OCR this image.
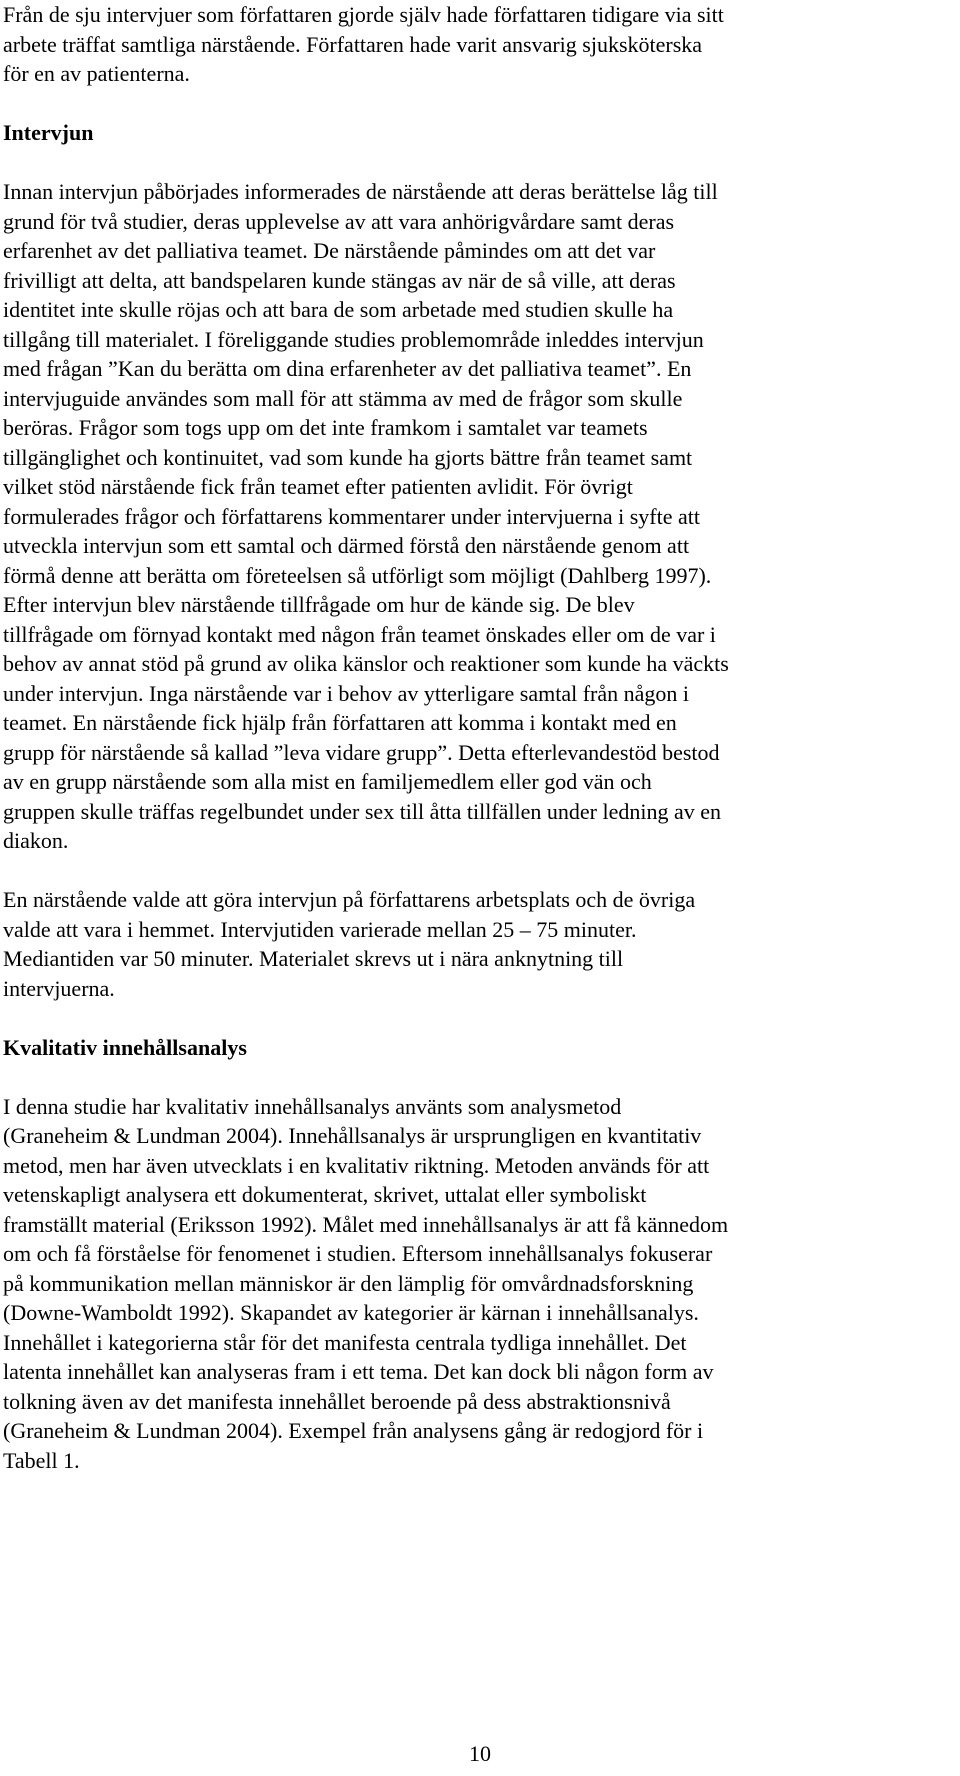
Från de sju intervjuer som författaren gjorde själv hade författaren tidigare via sitt
arbete träffat samtliga närstående. Författaren hade varit ansvarig sjuksköterska
för en av patienterna.
Intervjun
Innan intervjun påbörjades informerades de närstående att deras berättelse låg till
grund för två studier, deras upplevelse av att vara anhörigvårdare samt deras
erfarenhet av det palliativa teamet. De närstående påmindes om att det var
frivilligt att delta, att bandspelaren kunde stängas av när de så ville, att deras
identitet inte skulle röjas och att bara de som arbetade med studien skulle ha
tillgång till materialet. I föreliggande studies problemområde inleddes intervjun
med frågan ”Kan du berätta om dina erfarenheter av det palliativa teamet”. En
intervjuguide användes som mall för att stämma av med de frågor som skulle
beröras. Frågor som togs upp om det inte framkom i samtalet var teamets
tillgänglighet och kontinuitet, vad som kunde ha gjorts bättre från teamet samt
vilket stöd närstående fick från teamet efter patienten avlidit. För övrigt
formulerades frågor och författarens kommentarer under intervjuerna i syfte att
utveckla intervjun som ett samtal och därmed förstå den närstående genom att
förmå denne att berätta om företeelsen så utförligt som möjligt (Dahlberg 1997).
Efter intervjun blev närstående tillfrågade om hur de kände sig. De blev
tillfrågade om förnyad kontakt med någon från teamet önskades eller om de var i
behov av annat stöd på grund av olika känslor och reaktioner som kunde ha väckts
under intervjun. Inga närstående var i behov av ytterligare samtal från någon i
teamet. En närstående fick hjälp från författaren att komma i kontakt med en
grupp för närstående så kallad ”leva vidare grupp”. Detta efterlevandestöd bestod
av en grupp närstående som alla mist en familjemedlem eller god vän och
gruppen skulle träffas regelbundet under sex till åtta tillfällen under ledning av en
diakon.
En närstående valde att göra intervjun på författarens arbetsplats och de övriga
valde att vara i hemmet. Intervjutiden varierade mellan 25 – 75 minuter.
Mediantiden var 50 minuter. Materialet skrevs ut i nära anknytning till
intervjuerna.
Kvalitativ innehållsanalys
I denna studie har kvalitativ innehållsanalys använts som analysmetod
(Graneheim & Lundman 2004). Innehållsanalys är ursprungligen en kvantitativ
metod, men har även utvecklats i en kvalitativ riktning. Metoden används för att
vetenskapligt analysera ett dokumenterat, skrivet, uttalat eller symboliskt
framställt material (Eriksson 1992). Målet med innehållsanalys är att få kännedom
om och få förståelse för fenomenet i studien. Eftersom innehållsanalys fokuserar
på kommunikation mellan människor är den lämplig för omvårdnadsforskning
(Downe-Wamboldt 1992). Skapandet av kategorier är kärnan i innehållsanalys.
Innehållet i kategorierna står för det manifesta centrala tydliga innehållet. Det
latenta innehållet kan analyseras fram i ett tema. Det kan dock bli någon form av
tolkning även av det manifesta innehållet beroende på dess abstraktionsnivå
(Graneheim & Lundman 2004). Exempel från analysens gång är redogjord för i
Tabell 1.
10
